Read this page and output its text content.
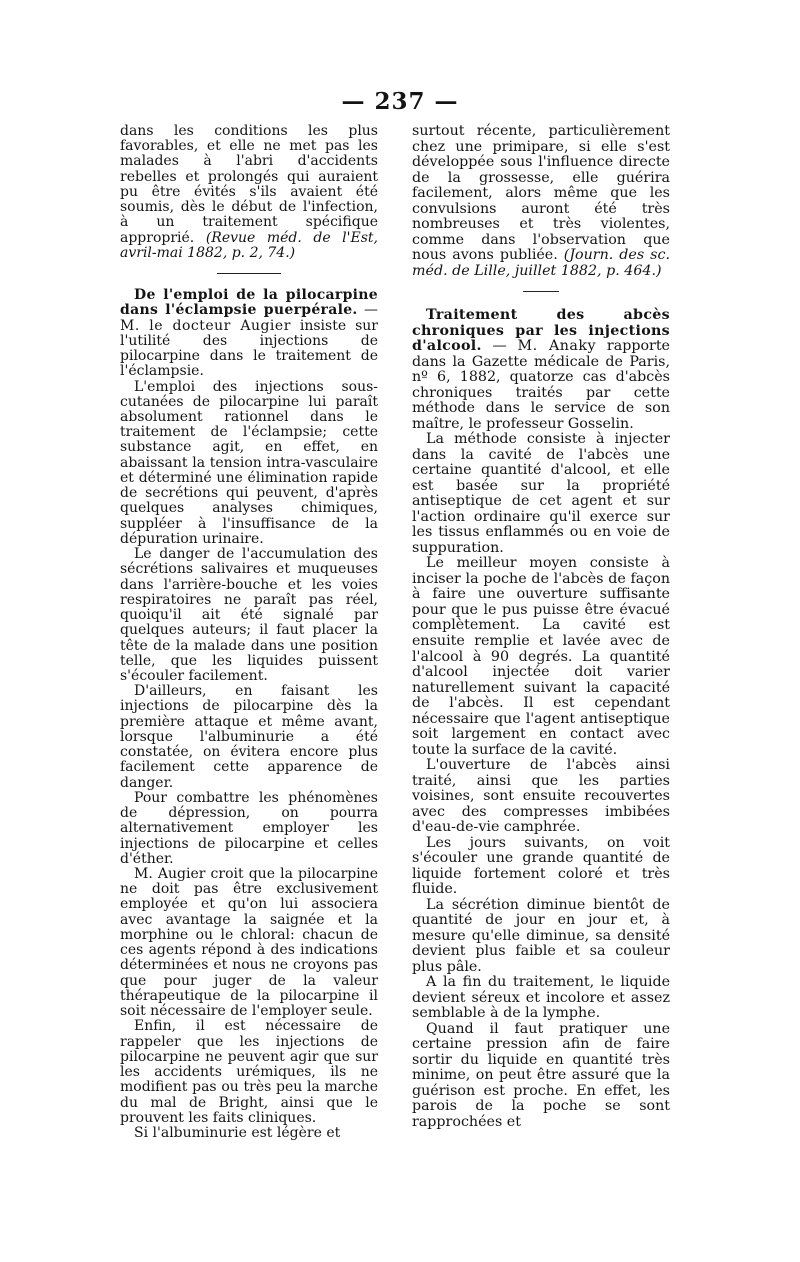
— 237 —

dans les conditions les plus favorables, et elle ne met pas les malades à l'abri d'accidents rebelles et prolongés qui auraient pu être évités s'ils avaient été soumis, dès le début de l'infection, à un traitement spécifique approprié. (Revue méd. de l'Est, avril-mai 1882, p. 2, 74.)

De l'emploi de la pilocarpine dans l'éclampsie puerpérale. — M. le docteur Augier insiste sur l'utilité des injections de pilocarpine dans le traitement de l'éclampsie.

L'emploi des injections sous-cutanées de pilocarpine lui paraît absolument rationnel dans le traitement de l'éclampsie; cette substance agit, en effet, en abaissant la tension intra-vasculaire et déterminé une élimination rapide de secrétions qui peuvent, d'après quelques analyses chimiques, suppléer à l'insuffisance de la dépuration urinaire.

Le danger de l'accumulation des sécrétions salivaires et muqueuses dans l'arrière-bouche et les voies respiratoires ne paraît pas réel, quoiqu'il ait été signalé par quelques auteurs; il faut placer la tête de la malade dans une position telle, que les liquides puissent s'écouler facilement.

D'ailleurs, en faisant les injections de pilocarpine dès la première attaque et même avant, lorsque l'albuminurie a été constatée, on évitera encore plus facilement cette apparence de danger.

Pour combattre les phénomènes de dépression, on pourra alternativement employer les injections de pilocarpine et celles d'éther.

M. Augier croit que la pilocarpine ne doit pas être exclusivement employée et qu'on lui associera avec avantage la saignée et la morphine ou le chloral: chacun de ces agents répond à des indications déterminées et nous ne croyons pas que pour juger de la valeur thérapeutique de la pilocarpine il soit nécessaire de l'employer seule.

Enfin, il est nécessaire de rappeler que les injections de pilocarpine ne peuvent agir que sur les accidents urémiques, ils ne modifient pas ou très peu la marche du mal de Bright, ainsi que le prouvent les faits cliniques.

Si l'albuminurie est légère et

surtout récente, particulièrement chez une primipare, si elle s'est développée sous l'influence directe de la grossesse, elle guérira facilement, alors même que les convulsions auront été très nombreuses et très violentes, comme dans l'observation que nous avons publiée. (Journ. des sc. méd. de Lille, juillet 1882, p. 464.)

Traitement des abcès chroniques par les injections d'alcool. — M. Anaky rapporte dans la Gazette médicale de Paris, nº 6, 1882, quatorze cas d'abcès chroniques traités par cette méthode dans le service de son maître, le professeur Gosselin.

La méthode consiste à injecter dans la cavité de l'abcès une certaine quantité d'alcool, et elle est basée sur la propriété antiseptique de cet agent et sur l'action ordinaire qu'il exerce sur les tissus enflammés ou en voie de suppuration.

Le meilleur moyen consiste à inciser la poche de l'abcès de façon à faire une ouverture suffisante pour que le pus puisse être évacué complètement. La cavité est ensuite remplie et lavée avec de l'alcool à 90 degrés. La quantité d'alcool injectée doit varier naturellement suivant la capacité de l'abcès. Il est cependant nécessaire que l'agent antiseptique soit largement en contact avec toute la surface de la cavité.

L'ouverture de l'abcès ainsi traité, ainsi que les parties voisines, sont ensuite recouvertes avec des compresses imbibées d'eau-de-vie camphrée.

Les jours suivants, on voit s'écouler une grande quantité de liquide fortement coloré et très fluide.

La sécrétion diminue bientôt de quantité de jour en jour et, à mesure qu'elle diminue, sa densité devient plus faible et sa couleur plus pâle.

A la fin du traitement, le liquide devient séreux et incolore et assez semblable à de la lymphe.

Quand il faut pratiquer une certaine pression afin de faire sortir du liquide en quantité très minime, on peut être assuré que la guérison est proche. En effet, les parois de la poche se sont rapprochées et
